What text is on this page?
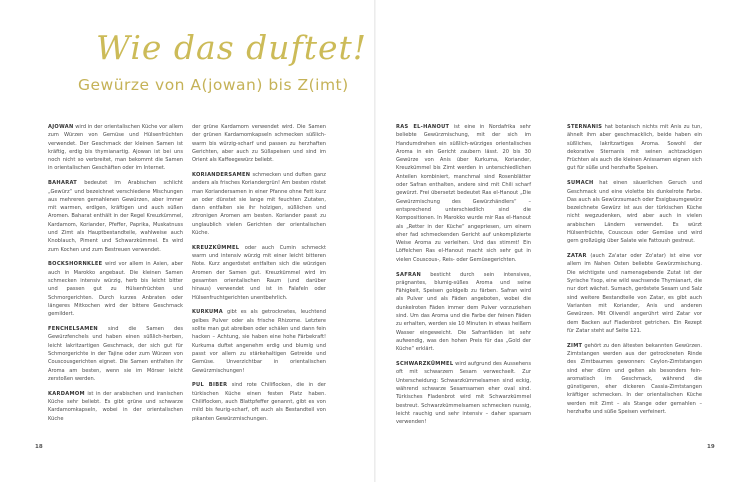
Wie das duftet!
Gewürze von A(jowan) bis Z(imt)

AJOWAN wird in der orientalischen Küche vor allem zum Würzen von Gemüse und Hülsenfrüchten verwendet. Der Geschmack der kleinen Samen ist kräftig, erdig bis thymianartig. Ajowan ist bei uns noch nicht so verbreitet, man bekommt die Samen in orientalischen Geschäften oder im Internet.

BAHARAT bedeutet im Arabischen schlicht „Gewürz“ und bezeichnet verschiedene Mischungen aus mehreren gemahlenen Gewürzen, aber immer mit warmen, erdigen, kräftigen und auch süßen Aromen. Baharat enthält in der Regel Kreuzkümmel, Kardamom, Koriander, Pfeffer, Paprika, Muskatnuss und Zimt als Hauptbestandteile, wahlweise auch Knoblauch, Piment und Schwarzkümmel. Es wird zum Kochen und zum Bestreuen verwendet.

BOCKSHORNKLEE wird vor allem in Asien, aber auch in Marokko angebaut. Die kleinen Samen schmecken intensiv würzig, herb bis leicht bitter und passen gut zu Hülsenfrüchten und Schmorgerichten. Durch kurzes Anbraten oder längeres Mitkochen wird der bittere Geschmack gemildert.

FENCHELSAMEN sind die Samen des Gewürzfenchels und haben einen süßlich-herben, leicht lakritzartigen Geschmack, der sich gut für Schmorgerichte in der Tajine oder zum Würzen von Couscousgerichten eignet. Die Samen entfalten ihr Aroma am besten, wenn sie im Mörser leicht zerstoßen werden.

KARDAMOM ist in der arabischen und iranischen Küche sehr beliebt. Es gibt grüne und schwarze Kardamomkapseln, wobei in der orientalischen Küche

der grüne Kardamom verwendet wird. Die Samen der grünen Kardamomkapseln schmecken süßlich-warm bis würzig-scharf und passen zu herzhaften Gerichten, aber auch zu Süßspeisen und sind im Orient als Kaffeegewürz beliebt.

KORIANDERSAMEN schmecken und duften ganz anders als frisches Koriandergrün! Am besten röstet man Koriandersamen in einer Pfanne ohne Fett kurz an oder dünstet sie lange mit feuchten Zutaten, dann entfalten sie ihr holzigen, süßlichen und zitronigen Aromen am besten. Koriander passt zu unglaublich vielen Gerichten der orientalischen Küche.

KREUZKÜMMEL oder auch Cumin schmeckt warm und intensiv würzig mit einer leicht bitteren Note. Kurz angeröstet entfalten sich die würzigen Aromen der Samen gut. Kreuzkümmel wird im gesamten orientalischen Raum (und darüber hinaus) verwendet und ist in Falafeln oder Hülsenfruchtgerichten unentbehrlich.

KURKUMA gibt es als getrocknetes, leuchtend gelbes Pulver oder als frische Rhizome. Letztere sollte man gut abreiben oder schälen und dann fein hacken – Achtung, sie haben eine hohe Färbekraft! Kurkuma duftet angenehm erdig und blumig und passt vor allem zu stärkehaltigen Getreide und Gemüse. Unverzichtbar in orientalischen Gewürzmischungen!

PUL BIBER sind rote Chiliflocken, die in der türkischen Küche einen festen Platz haben. Chiliflocken, auch Blattpfeffer genannt, gibt es von mild bis feurig-scharf, oft auch als Bestandteil von pikanten Gewürzmischungen.

RAS EL-HANOUT ist eine in Nordafrika sehr beliebte Gewürzmischung, mit der sich im Handumdrehen ein süßlich-würziges orientalisches Aroma in ein Gericht zaubern lässt. 20 bis 30 Gewürze von Anis über Kurkuma, Koriander, Kreuzkümmel bis Zimt werden in unterschiedlichen Anteilen kombiniert, manchmal sind Rosenblätter oder Safran enthalten, andere sind mit Chili scharf gewürzt. Frei übersetzt bedeutet Ras el-Hanout „Die Gewürzmischung des Gewürzhändlers“ – entsprechend unterschiedlich sind die Kompositionen. In Marokko wurde mir Ras el-Hanout als „Retter in der Küche“ angepriesen, um einem eher fad schmeckenden Gericht auf unkomplizierte Weise Aroma zu verleihen. Und das stimmt! Ein Löffelchen Ras el-Hanout macht sich sehr gut in vielen Couscous-, Reis- oder Gemüsegerichten.

SAFRAN besticht durch sein intensives, prägnantes, blumig-süßes Aroma und seine Fähigkeit, Speisen goldgelb zu färben. Safran wird als Pulver und als Fäden angeboten, wobei die dunkelroten Fäden immer dem Pulver vorzuziehen sind. Um das Aroma und die Farbe der feinen Fäden zu erhalten, werden sie 10 Minuten in etwas heißem Wasser eingeweicht. Die Safranfäden ist sehr aufwendig, was den hohen Preis für das „Gold der Küche“ erklärt.

SCHWARZKÜMMEL wird aufgrund des Aussehens oft mit schwarzem Sesam verwechselt. Zur Unterscheidung: Schwarzkümmelsamen sind eckig, während schwarze Sesamsamen eher oval sind. Türkisches Fladenbrot wird mit Schwarzkümmel bestreut. Schwarzkümmelsamen schmecken nussig, leicht rauchig und sehr intensiv – daher sparsam verwenden!

STERNANIS hat botanisch nichts mit Anis zu tun, ähnelt ihm aber geschmacklich, beide haben ein süßliches, lakritzartiges Aroma. Sowohl der dekorative Sternanis mit seinen achtzackigen Früchten als auch die kleinen Anissamen eignen sich gut für süße und herzhafte Speisen.

SUMACH hat einen säuerlichen Geruch und Geschmack und eine violette bis dunkelrote Farbe. Das auch als Gewürzsumach oder Essigbaumgewürz bezeichnete Gewürz ist aus der türkischen Küche nicht wegzudenken, wird aber auch in vielen arabischen Ländern verwendet. Es würzt Hülsenfrüchte, Couscous oder Gemüse und wird gern großzügig über Salate wie Fattoush gestreut.

ZATAR (auch Za'atar oder Zo'atar) ist eine vor allem im Nahen Osten beliebte Gewürzmischung. Die wichtigste und namensgebende Zutat ist der Syrische Ysop, eine wild wachsende Thymianart, die nur dort wächst. Sumach, geröstete Sesam und Salz sind weitere Bestandteile von Zatar, es gibt auch Varianten mit Koriander, Anis und anderen Gewürzen. Mit Olivenöl angerührt wird Zatar vor dem Backen auf Fladenbrot getrichen. Ein Rezept für Zatar steht auf Seite 121.

ZIMT gehört zu den ältesten bekannten Gewürzen. Zimtstangen werden aus der getrockneten Rinde des Zimtbaumes gewonnen: Ceylon-Zimtstangen sind eher dünn und gelten als besonders fein-aromatisch im Geschmack, während die günstigeren, eher dickeren Cassia-Zimtstangen kräftiger schmecken. In der orientalischen Küche werden mit Zimt – als Stange oder gemahlen – herzhafte und süße Speisen verfeinert.

18	19
